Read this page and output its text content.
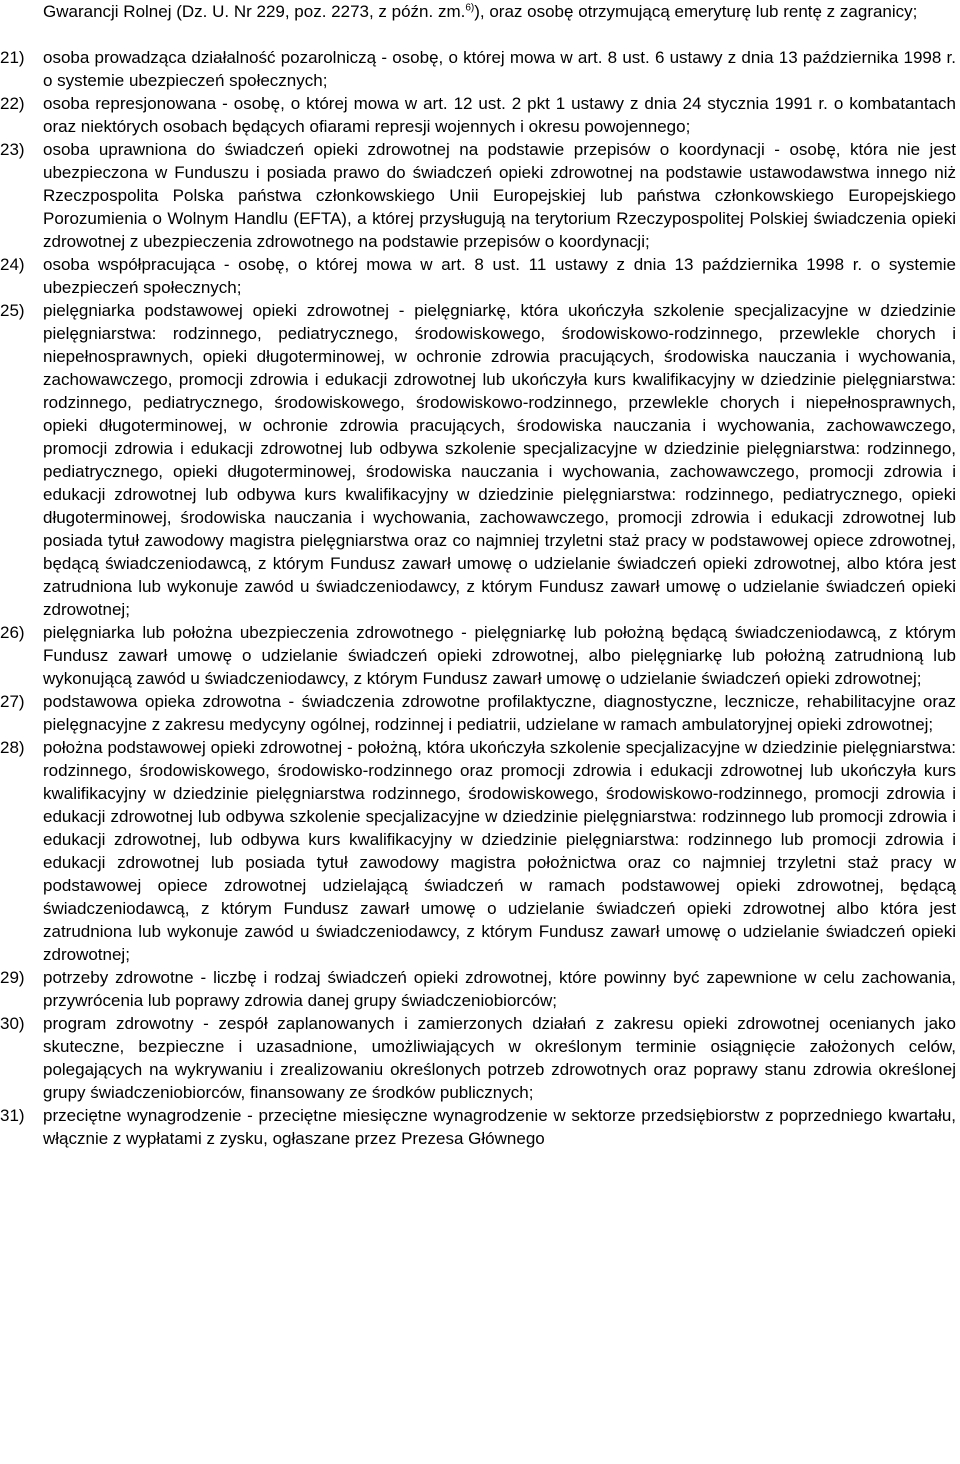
Gwarancji Rolnej (Dz. U. Nr 229, poz. 2273, z późn. zm.$^{6)}$), oraz osobę otrzymującą emeryturę lub rentę z zagranicy;
21)	osoba prowadząca działalność pozarolniczą - osobę, o której mowa w art. 8 ust. 6 ustawy z dnia 13 października 1998 r. o systemie ubezpieczeń społecznych;
22)	osoba represjonowana - osobę, o której mowa w art. 12 ust. 2 pkt 1 ustawy z dnia 24 stycznia 1991 r. o kombatantach oraz niektórych osobach będących ofiarami represji wojennych i okresu powojennego;
23)	osoba uprawniona do świadczeń opieki zdrowotnej na podstawie przepisów o koordynacji - osobę, która nie jest ubezpieczona w Funduszu i posiada prawo do świadczeń opieki zdrowotnej na podstawie ustawodawstwa innego niż Rzeczpospolita Polska państwa członkowskiego Unii Europejskiej lub państwa członkowskiego Europejskiego Porozumienia o Wolnym Handlu (EFTA), a której przysługują na terytorium Rzeczypospolitej Polskiej świadczenia opieki zdrowotnej z ubezpieczenia zdrowotnego na podstawie przepisów o koordynacji;
24)	osoba współpracująca - osobę, o której mowa w art. 8 ust. 11 ustawy z dnia 13 października 1998 r. o systemie ubezpieczeń społecznych;
25)	pielęgniarka podstawowej opieki zdrowotnej - pielęgniarkę, która ukończyła szkolenie specjalizacyjne w dziedzinie pielęgniarstwa: rodzinnego, pediatrycznego, środowiskowego, środowiskowo-rodzinnego, przewlekle chorych i niepełnosprawnych, opieki długoterminowej, w ochronie zdrowia pracujących, środowiska nauczania i wychowania, zachowawczego, promocji zdrowia i edukacji zdrowotnej lub ukończyła kurs kwalifikacyjny w dziedzinie pielęgniarstwa: rodzinnego, pediatrycznego, środowiskowego, środowiskowo-rodzinnego, przewlekle chorych i niepełnosprawnych, opieki długoterminowej, w ochronie zdrowia pracujących, środowiska nauczania i wychowania, zachowawczego, promocji zdrowia i edukacji zdrowotnej lub odbywa szkolenie specjalizacyjne w dziedzinie pielęgniarstwa: rodzinnego, pediatrycznego, opieki długoterminowej, środowiska nauczania i wychowania, zachowawczego, promocji zdrowia i edukacji zdrowotnej lub odbywa kurs kwalifikacyjny w dziedzinie pielęgniarstwa: rodzinnego, pediatrycznego, opieki długoterminowej, środowiska nauczania i wychowania, zachowawczego, promocji zdrowia i edukacji zdrowotnej lub posiada tytuł zawodowy magistra pielęgniarstwa oraz co najmniej trzyletni staż pracy w podstawowej opiece zdrowotnej, będącą świadczeniodawcą, z którym Fundusz zawarł umowę o udzielanie świadczeń opieki zdrowotnej, albo która jest zatrudniona lub wykonuje zawód u świadczeniodawcy, z którym Fundusz zawarł umowę o udzielanie świadczeń opieki zdrowotnej;
26)	pielęgniarka lub położna ubezpieczenia zdrowotnego - pielęgniarkę lub położną będącą świadczeniodawcą, z którym Fundusz zawarł umowę o udzielanie świadczeń opieki zdrowotnej, albo pielęgniarkę lub położną zatrudnioną lub wykonującą zawód u świadczeniodawcy, z którym Fundusz zawarł umowę o udzielanie świadczeń opieki zdrowotnej;
27)	podstawowa opieka zdrowotna - świadczenia zdrowotne profilaktyczne, diagnostyczne, lecznicze, rehabilitacyjne oraz pielęgnacyjne z zakresu medycyny ogólnej, rodzinnej i pediatrii, udzielane w ramach ambulatoryjnej opieki zdrowotnej;
28)	położna podstawowej opieki zdrowotnej - położną, która ukończyła szkolenie specjalizacyjne w dziedzinie pielęgniarstwa: rodzinnego, środowiskowego, środowisko-rodzinnego oraz promocji zdrowia i edukacji zdrowotnej lub ukończyła kurs kwalifikacyjny w dziedzinie pielęgniarstwa rodzinnego, środowiskowego, środowiskowo-rodzinnego, promocji zdrowia i edukacji zdrowotnej lub odbywa szkolenie specjalizacyjne w dziedzinie pielęgniarstwa: rodzinnego lub promocji zdrowia i edukacji zdrowotnej, lub odbywa kurs kwalifikacyjny w dziedzinie pielęgniarstwa: rodzinnego lub promocji zdrowia i edukacji zdrowotnej lub posiada tytuł zawodowy magistra położnictwa oraz co najmniej trzyletni staż pracy w podstawowej opiece zdrowotnej udzielającą świadczeń w ramach podstawowej opieki zdrowotnej, będącą świadczeniodawcą, z którym Fundusz zawarł umowę o udzielanie świadczeń opieki zdrowotnej albo która jest zatrudniona lub wykonuje zawód u świadczeniodawcy, z którym Fundusz zawarł umowę o udzielanie świadczeń opieki zdrowotnej;
29)	potrzeby zdrowotne - liczbę i rodzaj świadczeń opieki zdrowotnej, które powinny być zapewnione w celu zachowania, przywrócenia lub poprawy zdrowia danej grupy świadczeniobiorców;
30)	program zdrowotny - zespół zaplanowanych i zamierzonych działań z zakresu opieki zdrowotnej ocenianych jako skuteczne, bezpieczne i uzasadnione, umożliwiających w określonym terminie osiągnięcie założonych celów, polegających na wykrywaniu i zrealizowaniu określonych potrzeb zdrowotnych oraz poprawy stanu zdrowia określonej grupy świadczeniobiorców, finansowany ze środków publicznych;
31)	przeciętne wynagrodzenie - przeciętne miesięczne wynagrodzenie w sektorze przedsiębiorstw z poprzedniego kwartału, włącznie z wypłatami z zysku, ogłaszane przez Prezesa Głównego
